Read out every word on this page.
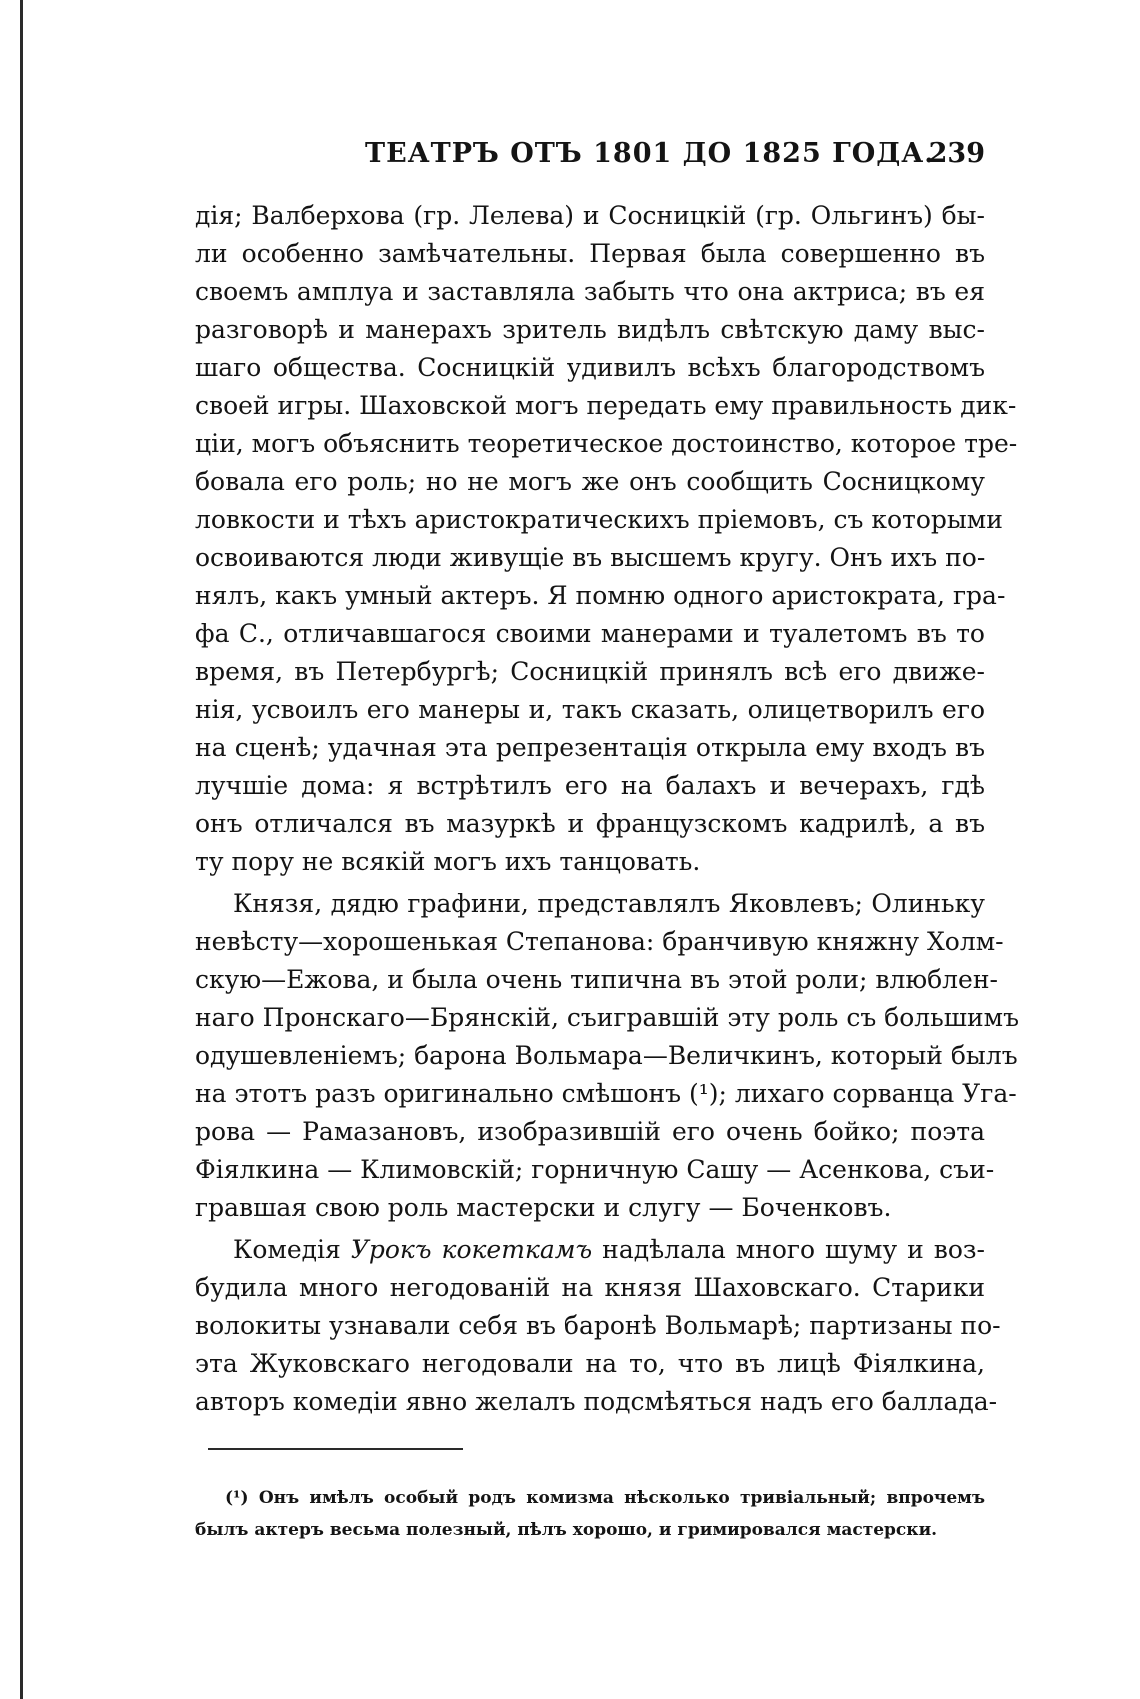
ТЕАТРЪ ОТЪ 1801 ДО 1825 ГОДА.
239
дія; Валберхова (гр. Лелева) и Сосницкій (гр. Ольгинъ) бы-
ли особенно замѣчательны. Первая была совершенно въ
своемъ амплуа и заставляла забыть что она актриса; въ ея
разговорѣ и манерахъ зритель видѣлъ свѣтскую даму выс-
шаго общества. Сосницкій удивилъ всѣхъ благородствомъ
своей игры. Шаховской могъ передать ему правильность дик-
ціи, могъ объяснить теоретическое достоинство, которое тре-
бовала его роль; но не могъ же онъ сообщить Сосницкому
ловкости и тѣхъ аристократическихъ пріемовъ, съ которыми
освоиваются люди живущіе въ высшемъ кругу. Онъ ихъ по-
нялъ, какъ умный актеръ. Я помню одного аристократа, гра-
фа С., отличавшагося своими манерами и туалетомъ въ то
время, въ Петербургѣ; Сосницкій принялъ всѣ его движе-
нія, усвоилъ его манеры и, такъ сказать, олицетворилъ его
на сценѣ; удачная эта репрезентація открыла ему входъ въ
лучшіе дома: я встрѣтилъ его на балахъ и вечерахъ, гдѣ
онъ отличался въ мазуркѣ и французскомъ кадрилѣ, а въ
ту пору не всякій могъ ихъ танцовать.
Князя, дядю графини, представлялъ Яковлевъ; Олиньку
невѣсту—хорошенькая Степанова: бранчивую княжну Холм-
скую—Ежова, и была очень типична въ этой роли; влюблен-
наго Пронскаго—Брянскій, съигравшій эту роль съ большимъ
одушевленіемъ; барона Вольмара—Величкинъ, который былъ
на этотъ разъ оригинально смѣшонъ (¹); лихаго сорванца Уга-
рова — Рамазановъ, изобразившій его очень бойко; поэта
Фіялкина — Климовскій; горничную Сашу — Асенкова, съи-
гравшая свою роль мастерски и слугу — Боченковъ.
Комедія Урокъ кокеткамъ надѣлала много шуму и воз-
будила много негодованій на князя Шаховскаго. Старики
волокиты узнавали себя въ баронѣ Вольмарѣ; партизаны по-
эта Жуковскаго негодовали на то, что въ лицѣ Фіялкина,
авторъ комедіи явно желалъ подсмѣяться надъ его баллада-
(¹) Онъ имѣлъ особый родъ комизма нѣсколько тривіальный; впрочемъ
былъ актеръ весьма полезный, пѣлъ хорошо, и гримировался мастерски.
